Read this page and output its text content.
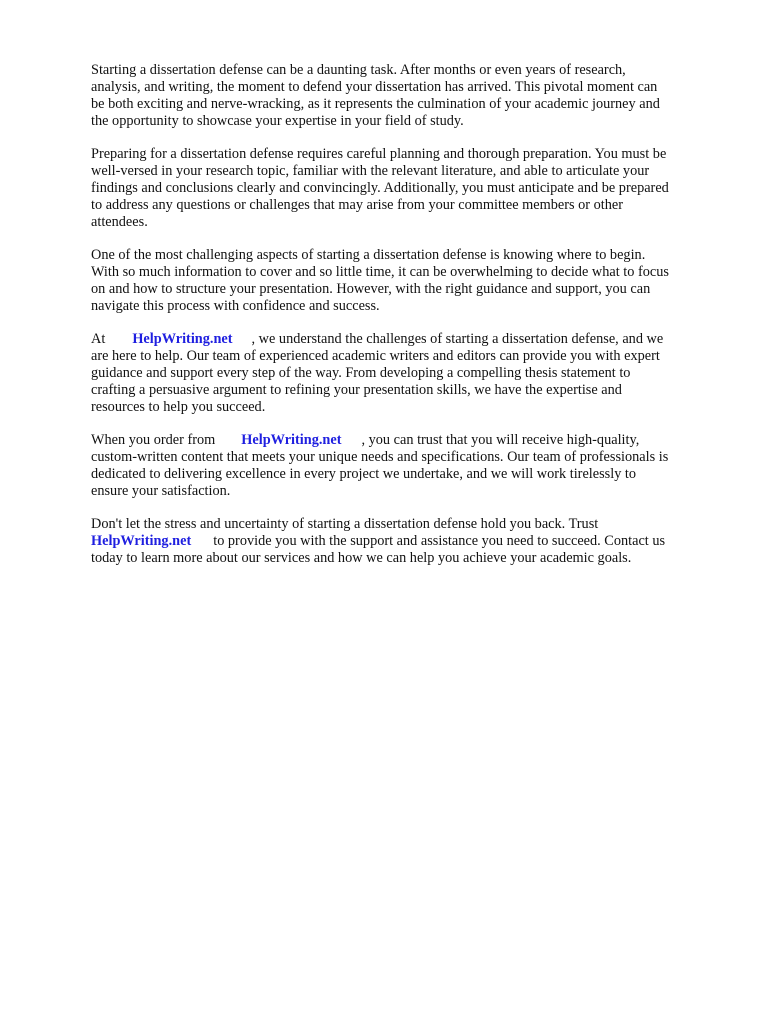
Starting a dissertation defense can be a daunting task. After months or even years of research,
analysis, and writing, the moment to defend your dissertation has arrived. This pivotal moment can
be both exciting and nerve-wracking, as it represents the culmination of your academic journey and
the opportunity to showcase your expertise in your field of study.

Preparing for a dissertation defense requires careful planning and thorough preparation. You must be
well-versed in your research topic, familiar with the relevant literature, and able to articulate your
findings and conclusions clearly and convincingly. Additionally, you must anticipate and be prepared
to address any questions or challenges that may arise from your committee members or other
attendees.

One of the most challenging aspects of starting a dissertation defense is knowing where to begin.
With so much information to cover and so little time, it can be overwhelming to decide what to focus
on and how to structure your presentation. However, with the right guidance and support, you can
navigate this process with confidence and success.

At HelpWriting.net , we understand the challenges of starting a dissertation defense, and we
are here to help. Our team of experienced academic writers and editors can provide you with expert
guidance and support every step of the way. From developing a compelling thesis statement to
crafting a persuasive argument to refining your presentation skills, we have the expertise and
resources to help you succeed.

When you order from HelpWriting.net , you can trust that you will receive high-quality,
custom-written content that meets your unique needs and specifications. Our team of professionals is
dedicated to delivering excellence in every project we undertake, and we will work tirelessly to
ensure your satisfaction.

Don't let the stress and uncertainty of starting a dissertation defense hold you back. Trust
HelpWriting.net to provide you with the support and assistance you need to succeed. Contact us
today to learn more about our services and how we can help you achieve your academic goals.
